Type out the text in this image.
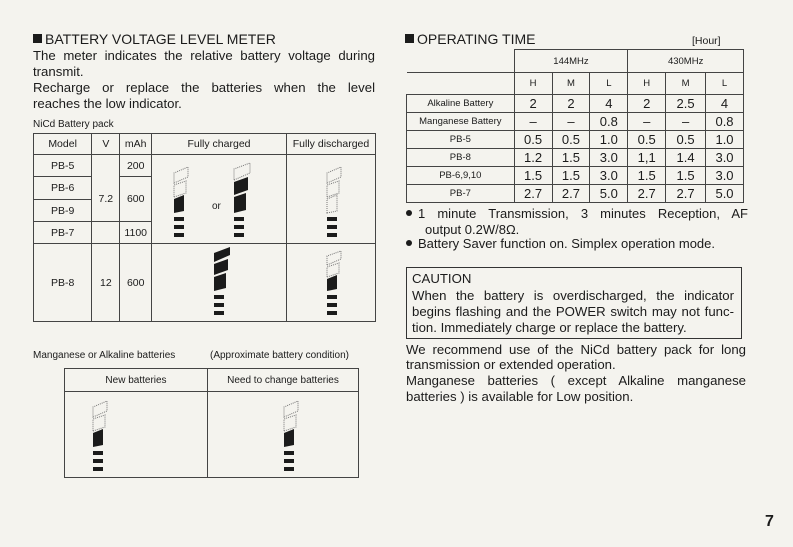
BATTERY VOLTAGE LEVEL METER
The meter indicates the relative battery voltage during
transmit.
Recharge or replace the batteries when the level
reaches the low indicator.
NiCd Battery pack
Model	V	mAh	Fully charged	Fully discharged
PB-5		200	or

PB-6	7.2	600		
PB-9				
PB-7		1100		
PB-8	12	600	

Manganese or Alkaline batteries	(Approximate battery condition)
New batteries	Need to change batteries

OPERATING TIME	[Hour]
	144MHz			430MHz		
	H	M	L	H	M	L
Alkaline Battery	2	2	4	2	2.5	4
Manganese Battery	–	–	0.8	–	–	0.8
PB-5	0.5	0.5	1.0	0.5	0.5	1.0
PB-8	1.2	1.5	3.0	1,1	1.4	3.0
PB-6,9,10	1.5	1.5	3.0	1.5	1.5	3.0
PB-7	2.7	2.7	5.0	2.7	2.7	5.0
1 minute Transmission, 3 minutes Reception, AF
output 0.2W/8Ω.
Battery Saver function on. Simplex operation mode.
CAUTION
When the battery is overdischarged, the indicator
begins flashing and the POWER switch may not func-
tion. Immediately charge or replace the battery.
We recommend use of the NiCd battery pack for long
transmission or extended operation.
Manganese batteries ( except Alkaline manganese
batteries ) is available for Low position.
7
